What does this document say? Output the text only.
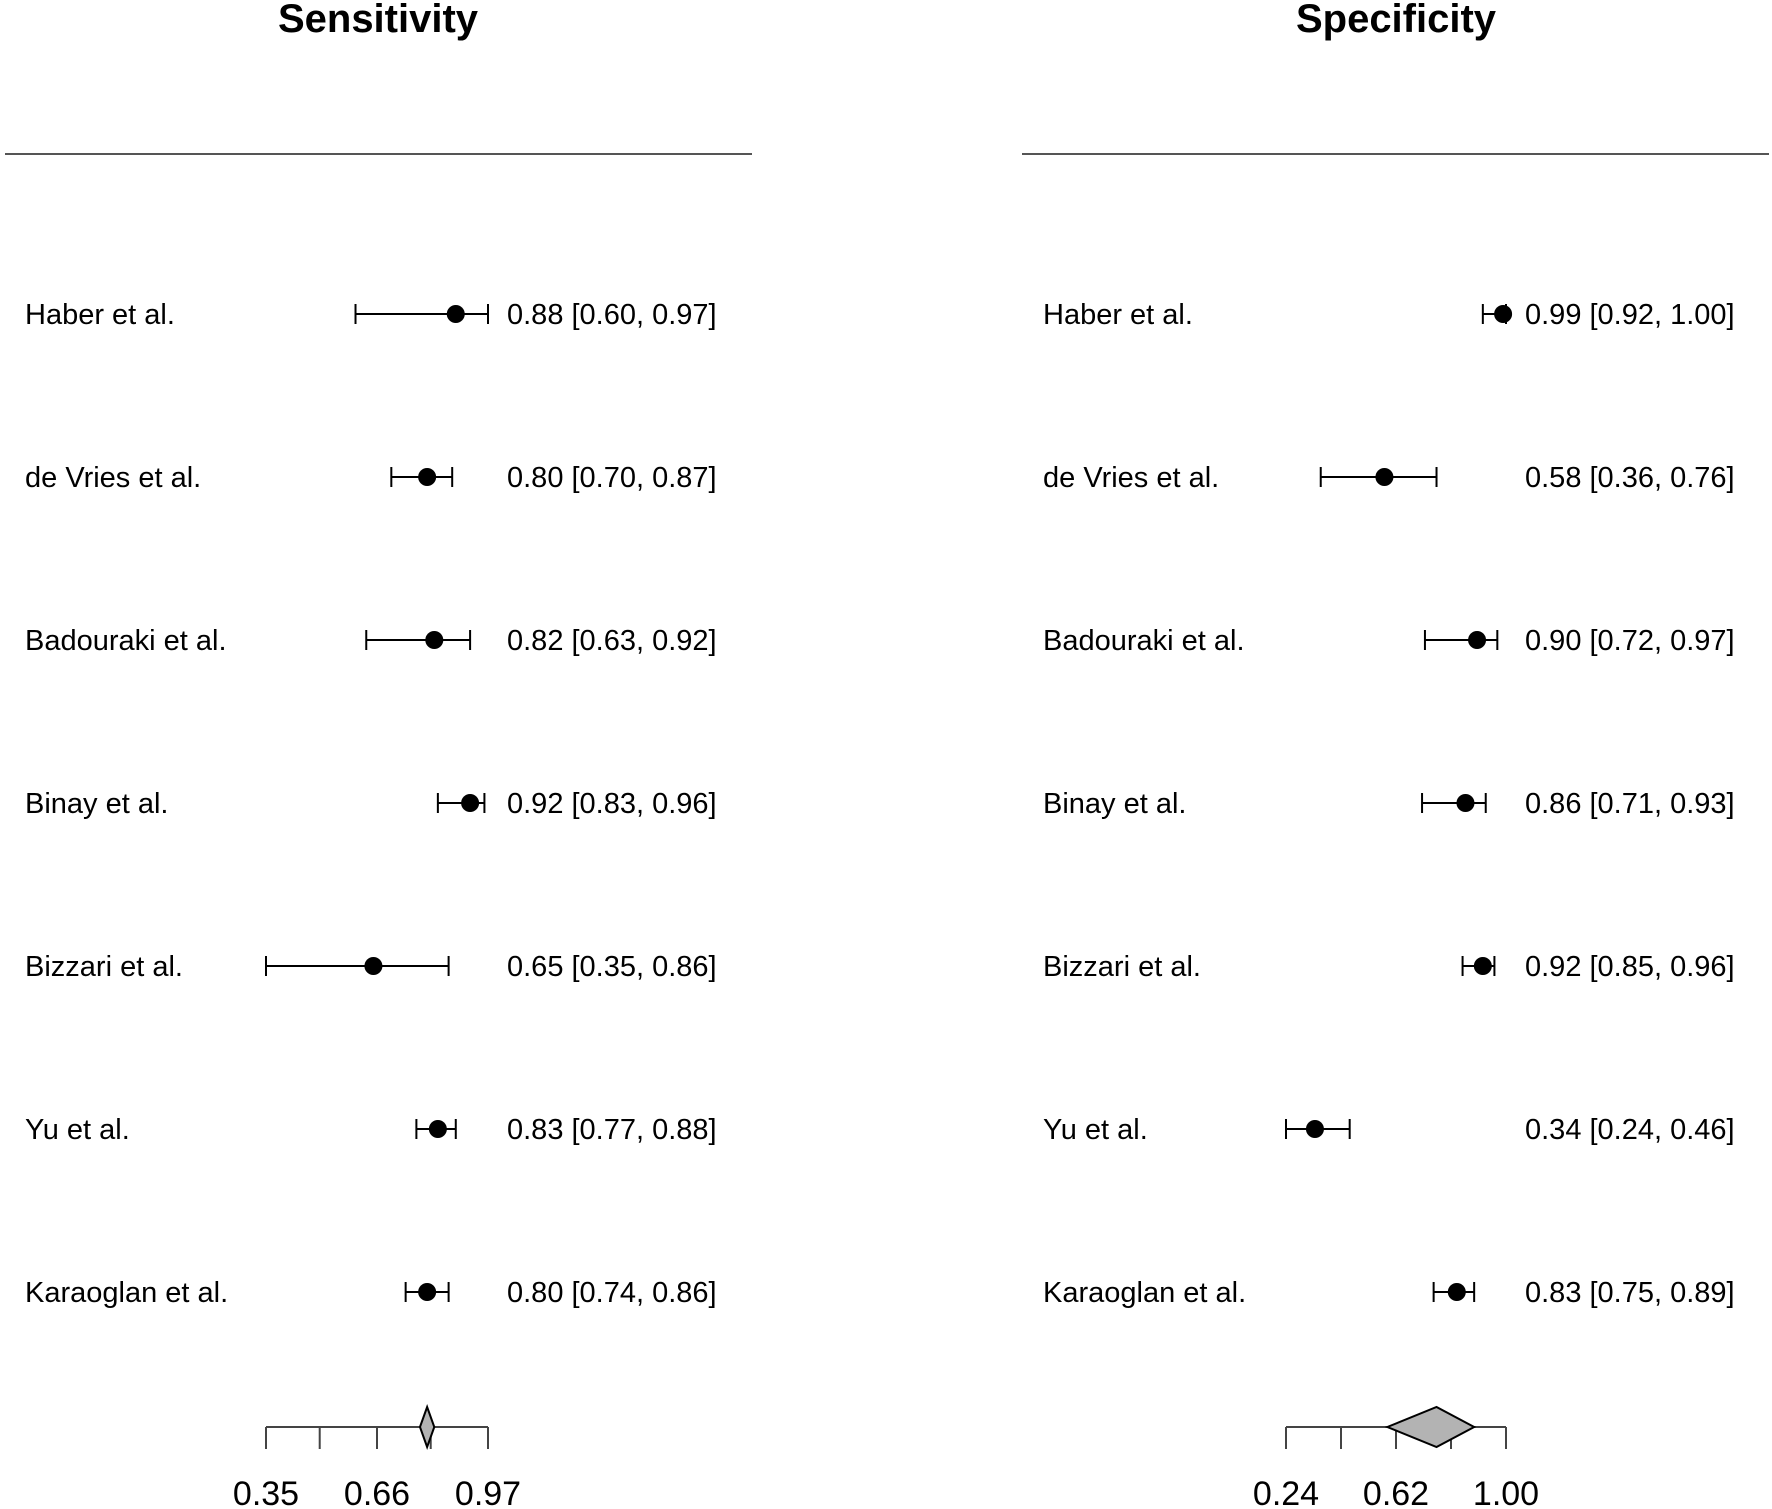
Sensitivity
Haber et al.	0.88 [0.60, 0.97]
de Vries et al.	0.80 [0.70, 0.87]
Badouraki et al.	0.82 [0.63, 0.92]
Binay et al.	0.92 [0.83, 0.96]
Bizzari et al.	0.65 [0.35, 0.86]
Yu et al.	0.83 [0.77, 0.88]
Karaoglan et al.	0.80 [0.74, 0.86]
0.35 0.66 0.97
Specificity
Haber et al.	0.99 [0.92, 1.00]
de Vries et al.	0.58 [0.36, 0.76]
Badouraki et al.	0.90 [0.72, 0.97]
Binay et al.	0.86 [0.71, 0.93]
Bizzari et al.	0.92 [0.85, 0.96]
Yu et al.	0.34 [0.24, 0.46]
Karaoglan et al.	0.83 [0.75, 0.89]
0.24 0.62 1.00
